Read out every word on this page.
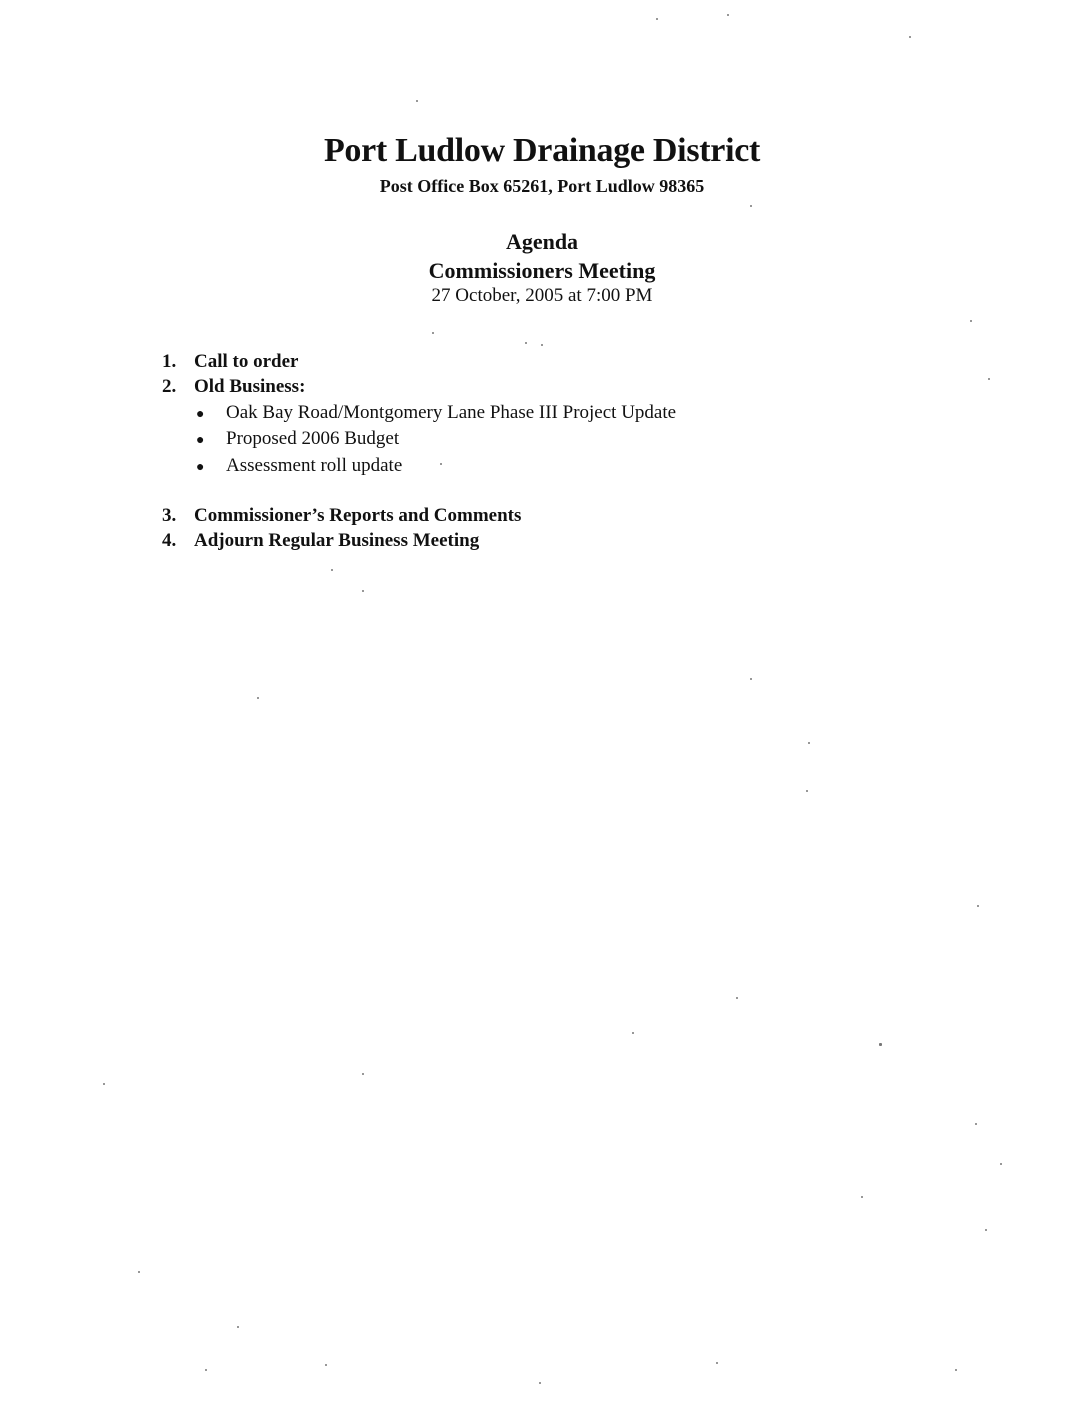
Port Ludlow Drainage District
Post Office Box 65261, Port Ludlow 98365
Agenda
Commissioners Meeting
27 October, 2005 at 7:00 PM
1. Call to order
2. Old Business:
● Oak Bay Road/Montgomery Lane Phase III Project Update
● Proposed 2006 Budget
● Assessment roll update
3. Commissioner’s Reports and Comments
4. Adjourn Regular Business Meeting
